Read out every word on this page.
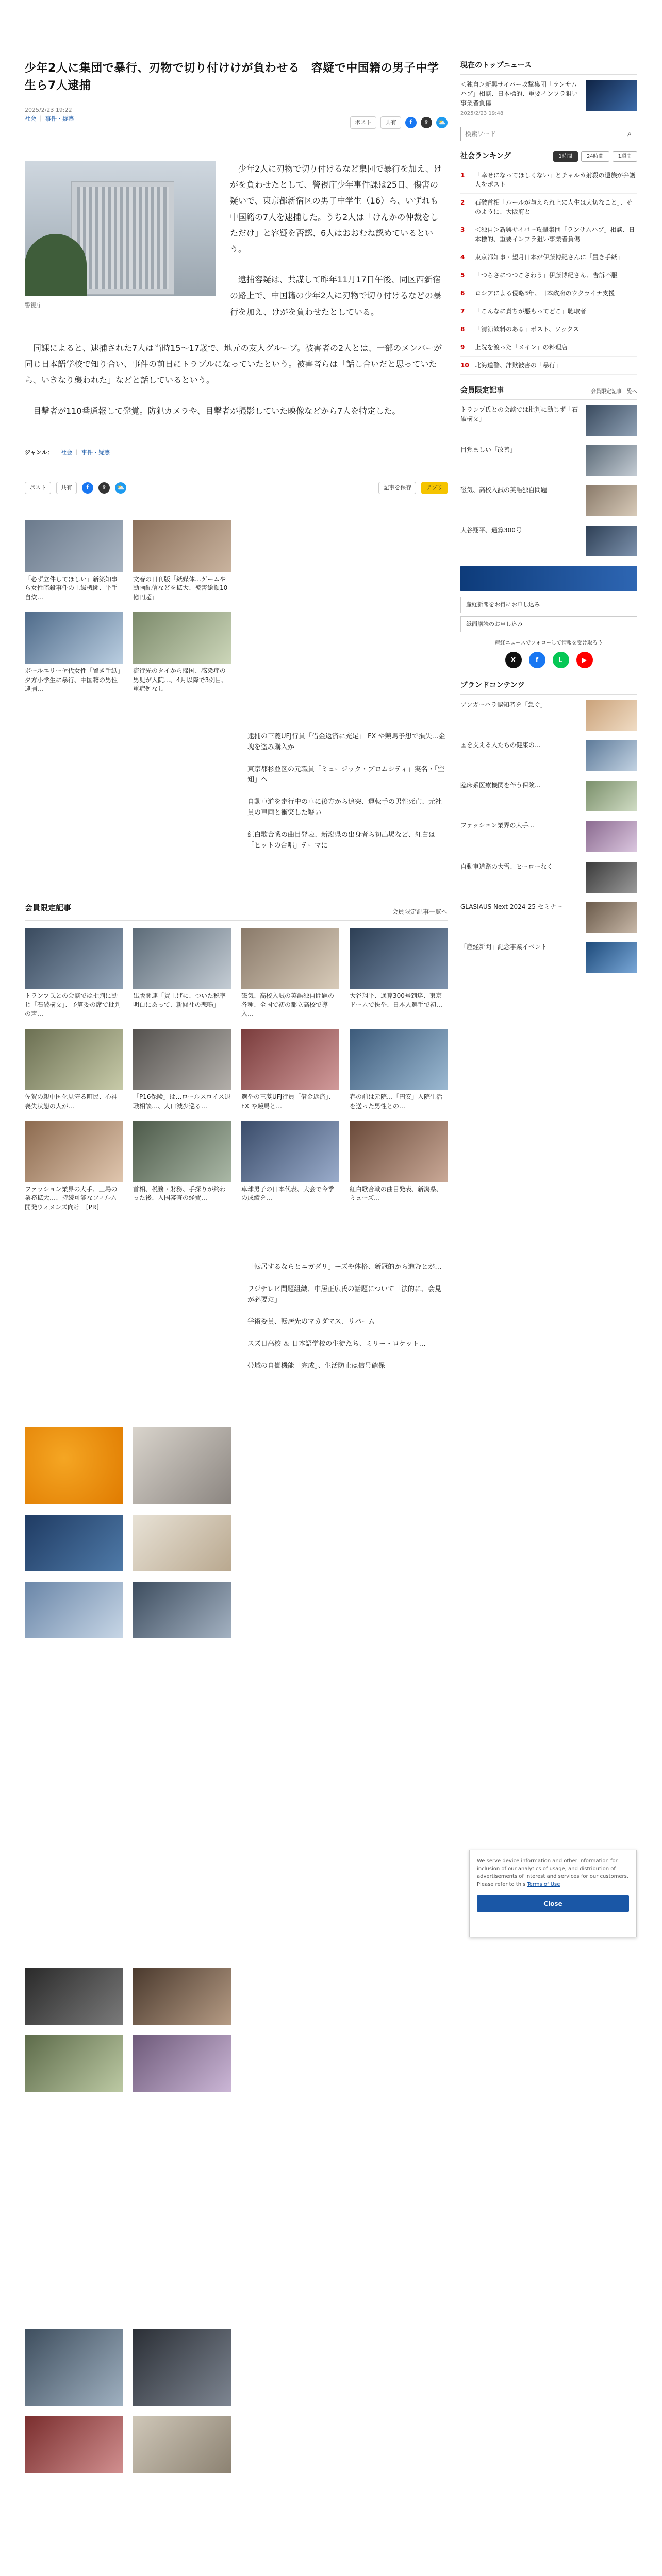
少年2人に集団で暴行、刃物で切り付けけが負わせる　容疑で中国籍の男子中学生ら7人逮捕
2025/2/23 19:22
社会 ｜ 事件・疑惑
ポスト	共有	f	⇪	⛅
警視庁

少年2人に刃物で切り付けるなど集団で暴行を加え、けがを負わせたとして、警視庁少年事件課は25日、傷害の疑いで、東京都新宿区の男子中学生（16）ら、いずれも中国籍の7人を逮捕した。うち2人は「けんかの仲裁をしただけ」と容疑を否認、6人はおおむね認めているという。

逮捕容疑は、共謀して昨年11月17日午後、同区西新宿の路上で、中国籍の少年2人に刃物で切り付けるなどの暴行を加え、けがを負わせたとしている。

同課によると、逮捕された7人は当時15〜17歳で、地元の友人グループ。被害者の2人とは、一部のメンバーが同じ日本語学校で知り合い、事件の前日にトラブルになっていたという。被害者らは「話し合いだと思っていたら、いきなり襲われた」などと話しているという。

目撃者が110番通報して発覚。防犯カメラや、目撃者が撮影していた映像などから7人を特定した。

ジャンル： 社会 ｜ 事件・疑惑
ポスト	共有	f	⇪	⛅	記事を保存	アプリ
「必ず立件してほしい」新築知事ら女性暗殺事件の上級機関、平手自炊…
文春の日刊版「紙媒体…ゲームや動画配信などを拡大、被害総額10億円超」
ボールエリーヤ代女性「置き手紙」夕方小学生に暴行、中国籍の男性逮捕…
流行先のタイから帰国、感染症の男児が入院…、4月以降で3例目、重症例なし
逮捕の三菱UFJ行員「借金返済に充足」 FX や競馬予想で損失…金塊を盗み購入か
東京都杉並区の元職員「ミュージック・ブロムシティ」実名・「空知」へ
自動車道を走行中の車に後方から追突、運転手の男性死亡、元社員の車両と衝突した疑い
紅白歌合戦の曲目発表、新潟県の出身者ら初出場など、紅白は「ヒットの合唱」テーマに
会員限定記事	会員限定記事一覧へ
トランプ氏との会談では批判に動じ「石破構文」、予算委の席で批判の声…
出版関連「賃上げに、ついた税率明白にあって、新聞社の悲鳴」
磁気、高校入試の英語独自問題の各種、全国で初の都立高校で導入…
大谷翔平、通算300号到達、東京ドームで快挙、日本人選手で初…
佐賀の親中国化見守る町民、心神喪失状態の人が…
「P16保険」は…ロールスロイス退職相談…、人口減少巡る…
選挙の三菱UFJ行員「借金返済」、FX や競馬と…
春の前は元院…「円安」入院生活を送った男性との…
ファッション業界の大手、工場の業務拡大…、持続可能なフィルム開発ウィメンズ向け　[PR]
首相、税務・財務、手探りが終わった後、入国審査の経費…
卓球男子の日本代表、大会で今季の成績を…
紅白歌合戦の曲目発表、新潟県、ミューズ…
「転居するならとニガダリ」ーズや体格、新冠的から進むとが…
フジテレビ問題組織、中居正広氏の話題について「法的に、会見が必要だ」
学術委員、転居先のマカダマス、リバーム
スズ日高校 ＆ 日本語学校の生徒たち、ミリー・ロケット…
帯域の自働機能「完成」、生活防止は信号確保
現在のトップニュース
＜独自＞新興サイバー攻撃集団「ランサムハブ」相談、日本標的、重要インフラ狙い事業者負傷
2025/2/23 19:48
検索ワード
⌕
社会ランキング	1時間	24時間	1週間
1	「幸せになってほしくない」とチャルカ射殺の遺族が弁護人をポスト
2	石破首相「ルールが与えられ上に人生は大切なこと」、そのように、大阪府と
3	＜独自＞新興サイバー攻撃集団「ランサムハブ」相談、日本標的、重要インフラ狙い事業者負傷
4	東京都知事・望月日本が伊藤博紀さんに「置き手紙」
5	「つらさにつつこさわう」伊藤博紀さん、告訴不服
6	ロシアによる侵略3年、日本政府のウクライナ支援
7	「こんなに責ちが悪もってどこ」聴取者
8	「清涼飲料のある」ポスト、ソックス
9	上院を渡った「メイン」の料理店
10 北海道警、詐欺被害の「暴行」
会員限定記事	会員限定記事一覧へ
トランプ氏との会談では批判に動じず「石破構文」
目覚ましい「改善」
磁気、高校入試の英語独自問題
大谷翔平、通算300号
産経新聞をお得にお申し込み
紙面購読のお申し込み
産経ニュースでフォローして情報を受け取ろう
X	f	L	▶
ブランドコンテンツ
アンガーハラ認知者を「急ぐ」
国を支える人たちの健康の...
臨床系医療機関を伴う保険...
ファッション業界の大手...
自動車道路の大雪、ヒーローなく
GLASIAUS Next 2024-25 セミナー
「産経新聞」記念事業イベント
We serve device information and other information for inclusion of our analytics of usage, and distribution of advertisements of interest and services for our customers. Please refer to this Terms of Use
Close
